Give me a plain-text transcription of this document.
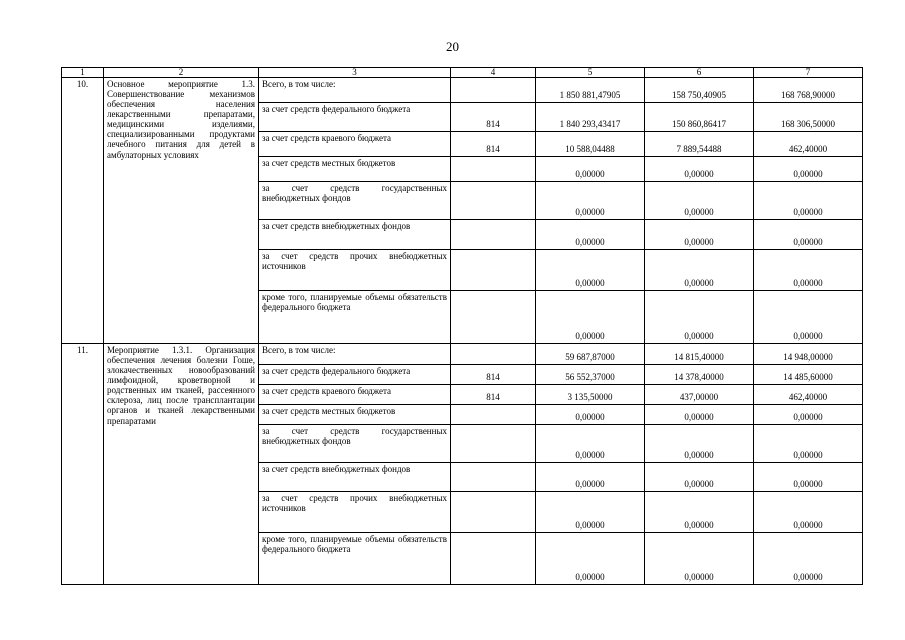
20
1	2	3	4	5	6	7
10.	Основное мероприятие 1.3. Совершенствование механизмов обеспечения населения лекарственными препаратами, медицинскими изделиями, специализированными продуктами лечебного питания для детей в амбулаторных условиях	Всего, в том числе:		1 850 881,47905	158 750,40905	168 768,90000
		за счет средств федерального бюджета	814	1 840 293,43417	150 860,86417	168 306,50000
		за счет средств краевого бюджета	814	10 588,04488	7 889,54488	462,40000
		за счет средств местных бюджетов		0,00000	0,00000	0,00000
		за счет средств государственных внебюджетных фондов		0,00000	0,00000	0,00000
		за счет средств внебюджетных фондов		0,00000	0,00000	0,00000
		за счет средств прочих внебюджетных источников		0,00000	0,00000	0,00000
		кроме того, планируемые объемы обязательств федерального бюджета		0,00000	0,00000	0,00000
11.	Мероприятие 1.3.1. Организация обеспечения лечения болезни Гоше, злокачественных новообразований лимфоидной, кроветворной и родственных им тканей, рассеянного склероза, лиц после трансплантации органов и тканей лекарственными препаратами	Всего, в том числе:		59 687,87000	14 815,40000	14 948,00000
		за счет средств федерального бюджета	814	56 552,37000	14 378,40000	14 485,60000
		за счет средств краевого бюджета	814	3 135,50000	437,00000	462,40000
		за счет средств местных бюджетов		0,00000	0,00000	0,00000
		за счет средств государственных внебюджетных фондов		0,00000	0,00000	0,00000
		за счет средств внебюджетных фондов		0,00000	0,00000	0,00000
		за счет средств прочих внебюджетных источников		0,00000	0,00000	0,00000
		кроме того, планируемые объемы обязательств федерального бюджета		0,00000	0,00000	0,00000
